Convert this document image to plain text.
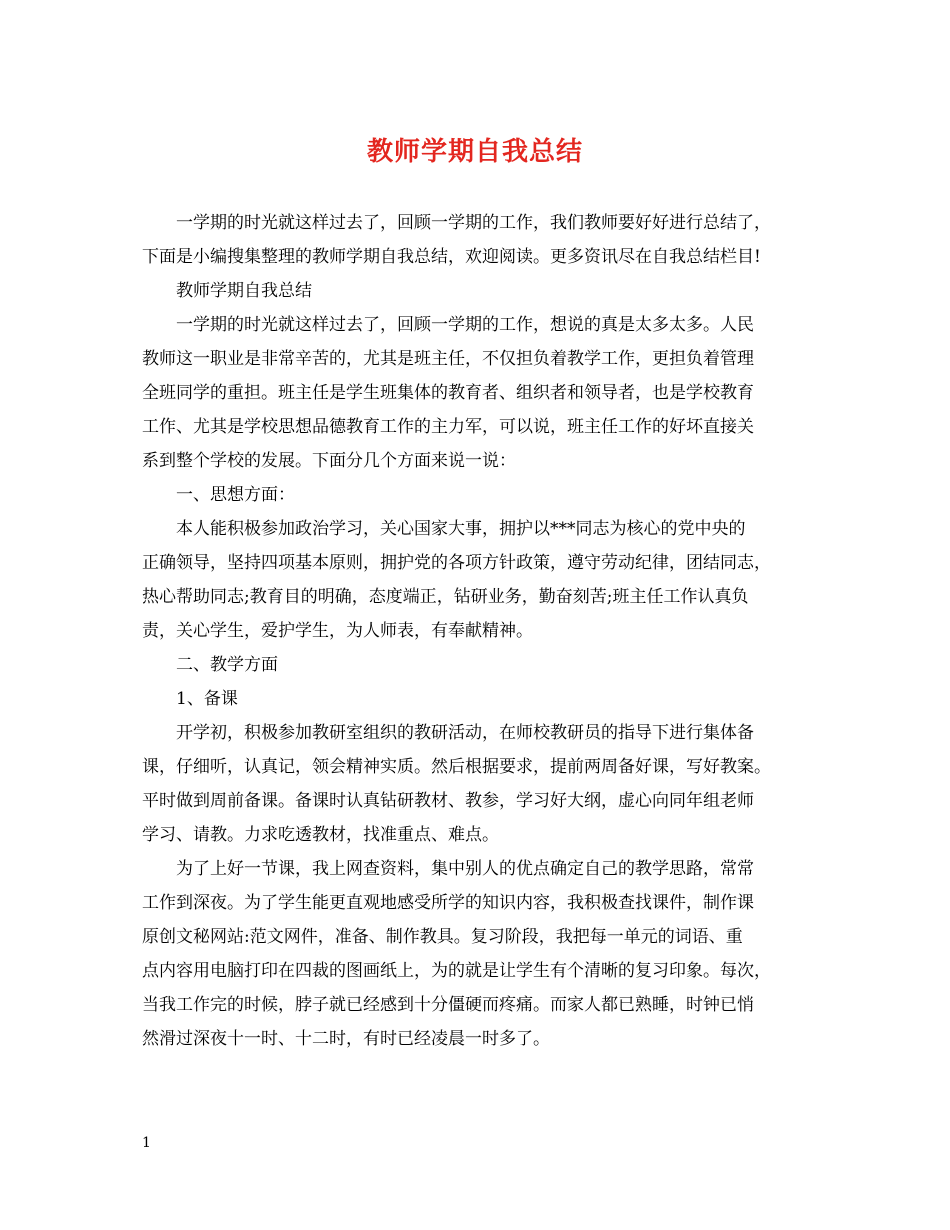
教师学期自我总结
一学期的时光就这样过去了，回顾一学期的工作，我们教师要好好进行总结了，
下面是小编搜集整理的教师学期自我总结，欢迎阅读。更多资讯尽在自我总结栏目!
教师学期自我总结
一学期的时光就这样过去了，回顾一学期的工作，想说的真是太多太多。人民
教师这一职业是非常辛苦的，尤其是班主任，不仅担负着教学工作，更担负着管理
全班同学的重担。班主任是学生班集体的教育者、组织者和领导者，也是学校教育
工作、尤其是学校思想品德教育工作的主力军，可以说，班主任工作的好坏直接关
系到整个学校的发展。下面分几个方面来说一说：
一、思想方面：
本人能积极参加政治学习，关心国家大事，拥护以***同志为核心的党中央的
正确领导，坚持四项基本原则，拥护党的各项方针政策，遵守劳动纪律，团结同志，
热心帮助同志;教育目的明确，态度端正，钻研业务，勤奋刻苦;班主任工作认真负
责，关心学生，爱护学生，为人师表，有奉献精神。
二、教学方面
1、备课
开学初，积极参加教研室组织的教研活动，在师校教研员的指导下进行集体备
课，仔细听，认真记，领会精神实质。然后根据要求，提前两周备好课，写好教案。
平时做到周前备课。备课时认真钻研教材、教参，学习好大纲，虚心向同年组老师
学习、请教。力求吃透教材，找准重点、难点。
为了上好一节课，我上网查资料，集中别人的优点确定自己的教学思路，常常
工作到深夜。为了学生能更直观地感受所学的知识内容，我积极查找课件，制作课
原创文秘网站:范文网件，准备、制作教具。复习阶段，我把每一单元的词语、重
点内容用电脑打印在四裁的图画纸上，为的就是让学生有个清晰的复习印象。每次，
当我工作完的时候，脖子就已经感到十分僵硬而疼痛。而家人都已熟睡，时钟已悄
然滑过深夜十一时、十二时，有时已经凌晨一时多了。
1
